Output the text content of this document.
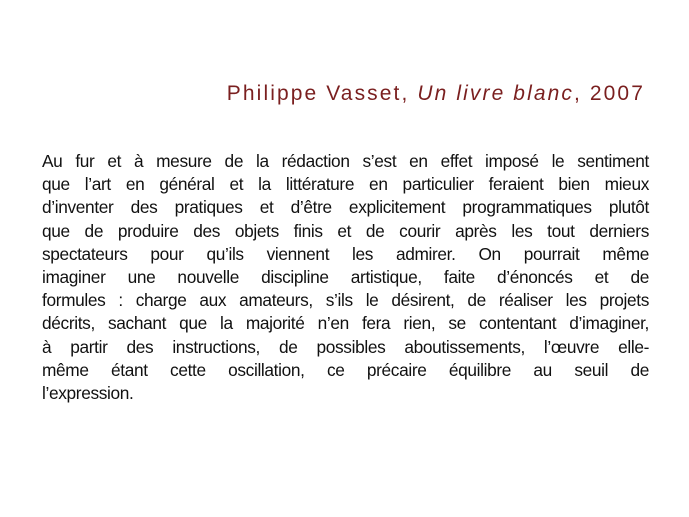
Philippe Vasset, Un livre blanc, 2007
Au fur et à mesure de la rédaction s’est en effet imposé le sentiment
que l’art en général et la littérature en particulier feraient bien mieux
d’inventer des pratiques et d’être explicitement programmatiques plutôt
que de produire des objets finis et de courir après les tout derniers
spectateurs pour qu’ils viennent les admirer. On pourrait même
imaginer une nouvelle discipline artistique, faite d’énoncés et de
formules : charge aux amateurs, s’ils le désirent, de réaliser les projets
décrits, sachant que la majorité n’en fera rien, se contentant d’imaginer,
à partir des instructions, de possibles aboutissements, l’œuvre elle-
même étant cette oscillation, ce précaire équilibre au seuil de
l’expression.
